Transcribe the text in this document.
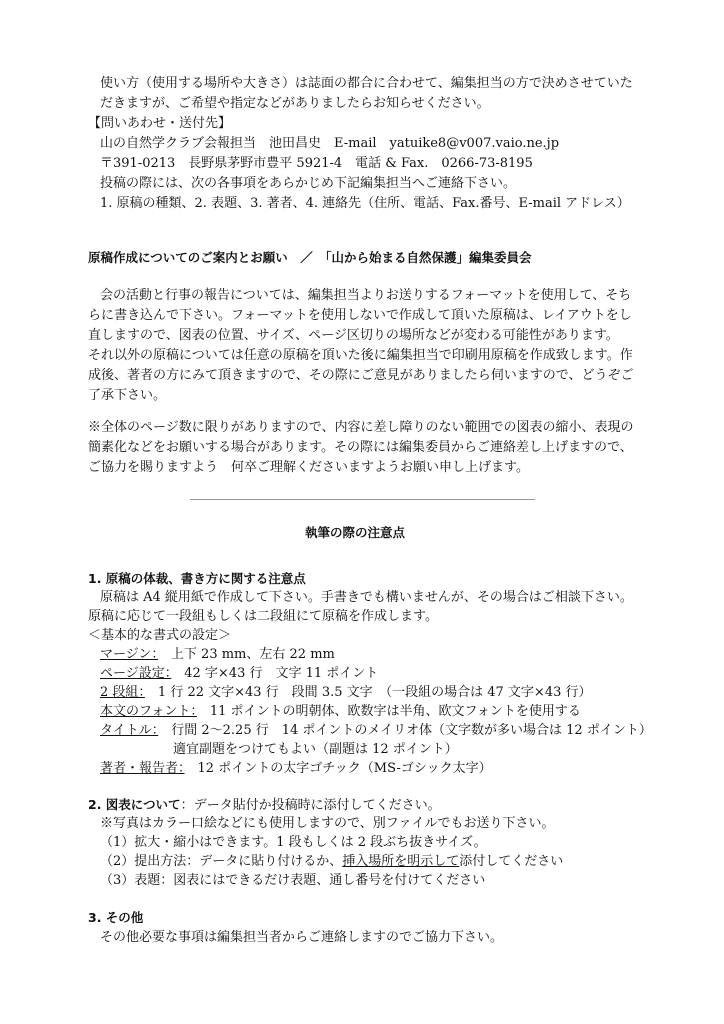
使い方（使用する場所や大きさ）は誌面の都合に合わせて、編集担当の方で決めさせていた
だきますが、ご希望や指定などがありましたらお知らせください。
【問いあわせ・送付先】
山の自然学クラブ会報担当　池田昌史　E-mail　yatuike8@v007.vaio.ne.jp
〒391-0213　長野県茅野市豊平 5921-4　電話 & Fax.　0266-73-8195
投稿の際には、次の各事項をあらかじめ下記編集担当へご連絡下さい。
1. 原稿の種類、2. 表題、3. 著者、4. 連絡先（住所、電話、Fax.番号、E-mail アドレス）
原稿作成についてのご案内とお願い　／　「山から始まる自然保護」編集委員会
会の活動と行事の報告については、編集担当よりお送りするフォーマットを使用して、そち
らに書き込んで下さい。フォーマットを使用しないで作成して頂いた原稿は、レイアウトをし
直しますので、図表の位置、サイズ、ページ区切りの場所などが変わる可能性があります。
それ以外の原稿については任意の原稿を頂いた後に編集担当で印刷用原稿を作成致します。作
成後、著者の方にみて頂きますので、その際にご意見がありましたら伺いますので、どうぞご
了承下さい。
※全体のページ数に限りがありますので、内容に差し障りのない範囲での図表の縮小、表現の
簡素化などをお願いする場合があります。その際には編集委員からご連絡差し上げますので、
ご協力を賜りますよう　何卒ご理解くださいますようお願い申し上げます。
執筆の際の注意点
1. 原稿の体裁、書き方に関する注意点
原稿は A4 縦用紙で作成して下さい。手書きでも構いませんが、その場合はご相談下さい。
原稿に応じて一段組もしくは二段組にて原稿を作成します。
＜基本的な書式の設定＞
マージン：　上下 23 mm、左右 22 mm
ページ設定：　42 字×43 行　文字 11 ポイント
2 段組：　1 行 22 文字×43 行　段間 3.5 文字　（一段組の場合は 47 文字×43 行）
本文のフォント：　11 ポイントの明朝体、欧数字は半角、欧文フォントを使用する
タイトル：　行間 2～2.25 行　14 ポイントのメイリオ体（文字数が多い場合は 12 ポイント）
適宜副題をつけてもよい（副題は 12 ポイント）
著者・報告者：　12 ポイントの太字ゴチック（MS-ゴシック太字）
2. 図表について：データ貼付か投稿時に添付してください。
※写真はカラー口絵などにも使用しますので、別ファイルでもお送り下さい。
（1）拡大・縮小はできます。1 段もしくは 2 段ぶち抜きサイズ。
（2）提出方法：データに貼り付けるか、挿入場所を明示して添付してください
（3）表題：図表にはできるだけ表題、通し番号を付けてください
3. その他
その他必要な事項は編集担当者からご連絡しますのでご協力下さい。
